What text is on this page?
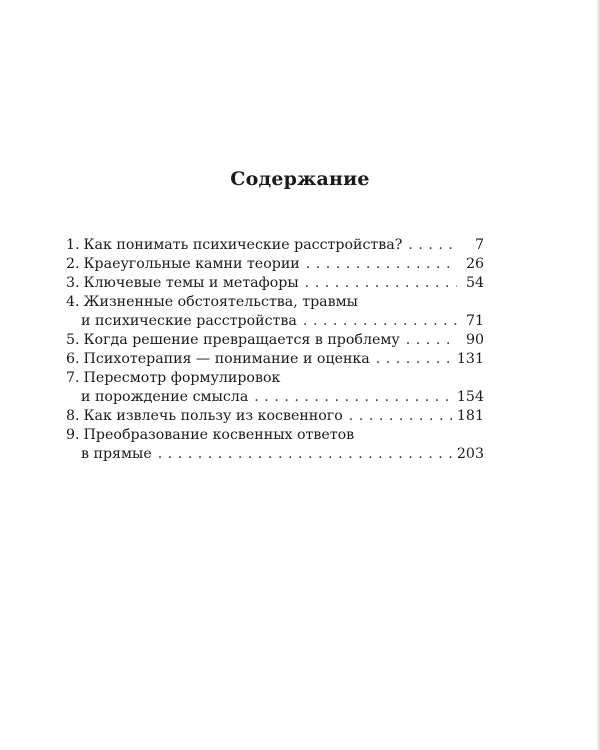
Содержание
1. Как понимать психические расстройства? . . .	7
2. Краеугольные камни теории . . .	26
3. Ключевые темы и метафоры . . .	54
4. Жизненные обстоятельства, травмы
и психические расстройства . . .	71
5. Когда решение превращается в проблему . . .	90
6. Психотерапия — понимание и оценка . . .	131
7. Пересмотр формулировок
и порождение смысла . . .	154
8. Как извлечь пользу из косвенного . . .	181
9. Преобразование косвенных ответов
в прямые . . .	203
